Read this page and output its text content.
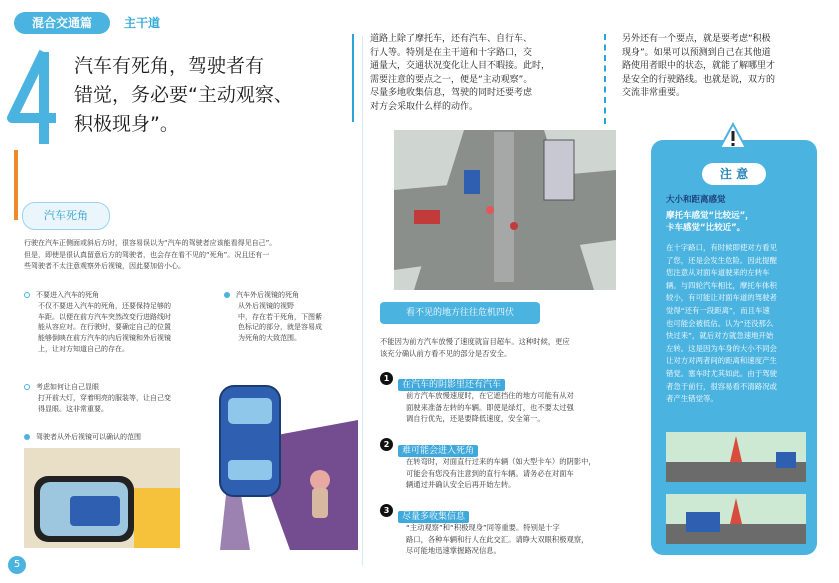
混合交通篇	主干道
4
汽车有死角，驾驶者有
错觉，务必要“主动观察、
积极现身”。
汽车死角
行驶在汽车正侧面或斜后方时，很容易误以为“汽车的驾驶者应该能看得见自己”。
但是，即使是很认真留意后方的驾驶者，也会存在看不见的“死角”。况且还有一
些驾驶者不太注意观察外后视镜，因此要加倍小心。
不要进入汽车的死角
不仅不要进入汽车的死角，还要保持足够的
车距。以便在前方汽车突然改变行进路线时
能从容应对。在行驶时，要确定自己的位置
能够倒映在前方汽车的内后视镜和外后视镜
上，让对方知道自己的存在。
汽车外后视镜的死角
从外后视镜的视野
中，存在若干死角，下图紫
色标记的部分，就是容易成
为死角的大致范围。
考虑如何让自己显眼
打开前大灯，穿着明亮的服装等，让自己变
得显眼。这非常重要。
驾驶者从外后视镜可以确认的范围
道路上除了摩托车，还有汽车、自行车、
行人等。特别是在主干道和十字路口，交
通量大，交通状况变化让人目不暇接。此时，
需要注意的要点之一，便是“主动观察”。
尽量多地收集信息，驾驶的同时还要考虑
对方会采取什么样的动作。
看不见的地方往往危机四伏
不能因为前方汽车放慢了速度就盲目超车。这种时候，更应
该充分确认前方看不见的部分是否安全。
1
在汽车的阴影里还有汽车
前方汽车放慢速度时，在它遮挡住的地方可能有从对
面驶来准备左转的车辆。即使是绿灯，也不要太过强
调自行优先，还是要降低速度，安全第一。
2
难可能会进入死角
在转弯时，对面直行过来的车辆（如大型卡车）的阴影中，
可能会有您没有注意到的直行车辆。请务必在对面车
辆通过并确认安全后再开始左转。
3
尽量多收集信息
“主动观察”和“积极现身”同等重要。特别是十字
路口，各种车辆和行人在此交汇。请睁大双眼积极观察，
尽可能地迅速掌握路况信息。
另外还有一个要点，就是要考虑“积极
现身”。如果可以预测到自己在其他道
路使用者眼中的状态，就能了解哪里才
是安全的行驶路线。也就是说，双方的
交流非常重要。
注 意
大小和距离感觉
摩托车感觉“比较远”，
卡车感觉“比较近”。
在十字路口，有时候即使对方看见
了您，还是会发生危险。因此提醒
您注意从对面车道驶来的左转车
辆。与四轮汽车相比，摩托车体积
较小，有可能让对面车道的驾驶者
觉得“还有一段距离”，而且车速
也可能会被低估。认为“还没那么
快过来”，就后对方就急速地开始
左转。这是因为车身的大小不同会
让对方对两者间的距离和速度产生
错觉。塞车时尤其如此。由于驾驶
者急于前行，很容易看不清路况或
者产生错觉等。
5
